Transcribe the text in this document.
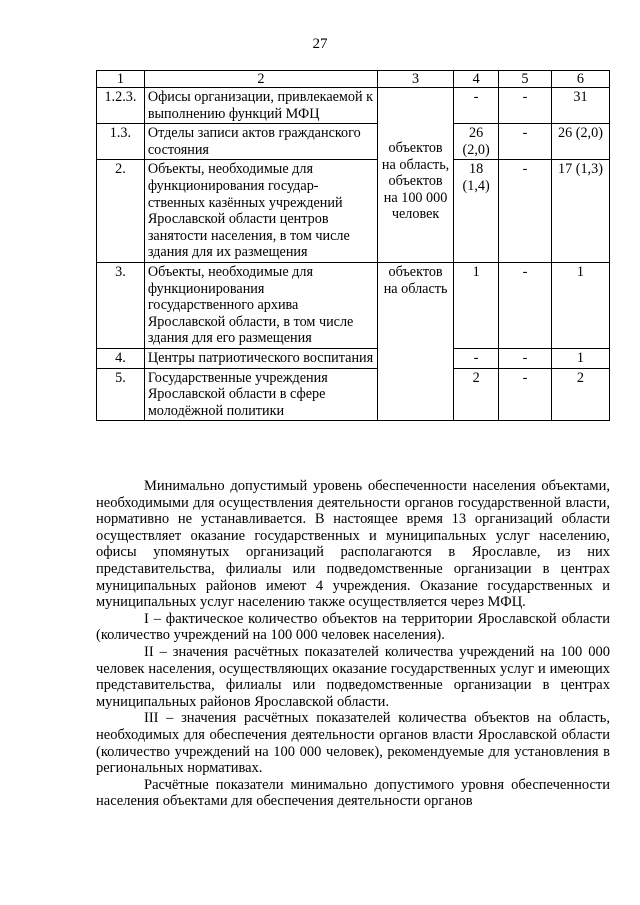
27
1	2	3	4	5	6
1.2.3.	Офисы организации, привлекаемой к выполнению функций МФЦ	объектов на область, объектов на 100 000 человек	-	-	31
1.3.	Отделы записи актов гражданского состояния		26 (2,0)	-	26 (2,0)
2.	Объекты, необходимые для функционирования государ-ственных казённых учреждений Ярославской области центров занятости населения, в том числе здания для их размещения		18 (1,4)	-	17 (1,3)
3.	Объекты, необходимые для функционирования государственного архива Ярославской области, в том числе здания для его размещения	объектов на область	1	-	1
4.	Центры патриотического воспитания		-	-	1
5.	Государственные учреждения Ярославской области в сфере молодёжной политики		2	-	2

Минимально допустимый уровень обеспеченности населения объектами, необходимыми для осуществления деятельности органов государственной власти, нормативно не устанавливается. В настоящее время 13 организаций области осуществляет оказание государственных и муниципальных услуг населению, офисы упомянутых организаций располагаются в Ярославле, из них представительства, филиалы или подведомственные организации в центрах муниципальных районов имеют 4 учреждения. Оказание государственных и муниципальных услуг населению также осуществляется через МФЦ.

I – фактическое количество объектов на территории Ярославской области (количество учреждений на 100 000 человек населения).

II – значения расчётных показателей количества учреждений на 100 000 человек населения, осуществляющих оказание государственных услуг и имеющих представительства, филиалы или подведомственные организации в центрах муниципальных районов Ярославской области.

III – значения расчётных показателей количества объектов на область, необходимых для обеспечения деятельности органов власти Ярославской области (количество учреждений на 100 000 человек), рекомендуемые для установления в региональных нормативах.

Расчётные показатели минимально допустимого уровня обеспеченности населения объектами для обеспечения деятельности органов
